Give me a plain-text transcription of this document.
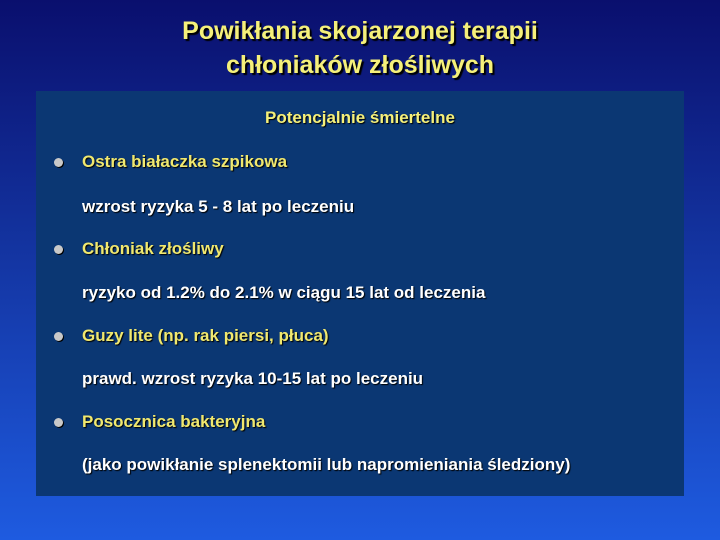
Powikłania skojarzonej terapii
chłoniaków złośliwych
Potencjalnie śmiertelne
Ostra białaczka szpikowa
wzrost ryzyka 5 - 8 lat po leczeniu
Chłoniak złośliwy
ryzyko od 1.2% do 2.1% w ciągu 15 lat od leczenia
Guzy lite (np. rak piersi, płuca)
prawd. wzrost ryzyka 10-15 lat po leczeniu
Posocznica bakteryjna
(jako powikłanie splenektomii lub napromieniania śledziony)
